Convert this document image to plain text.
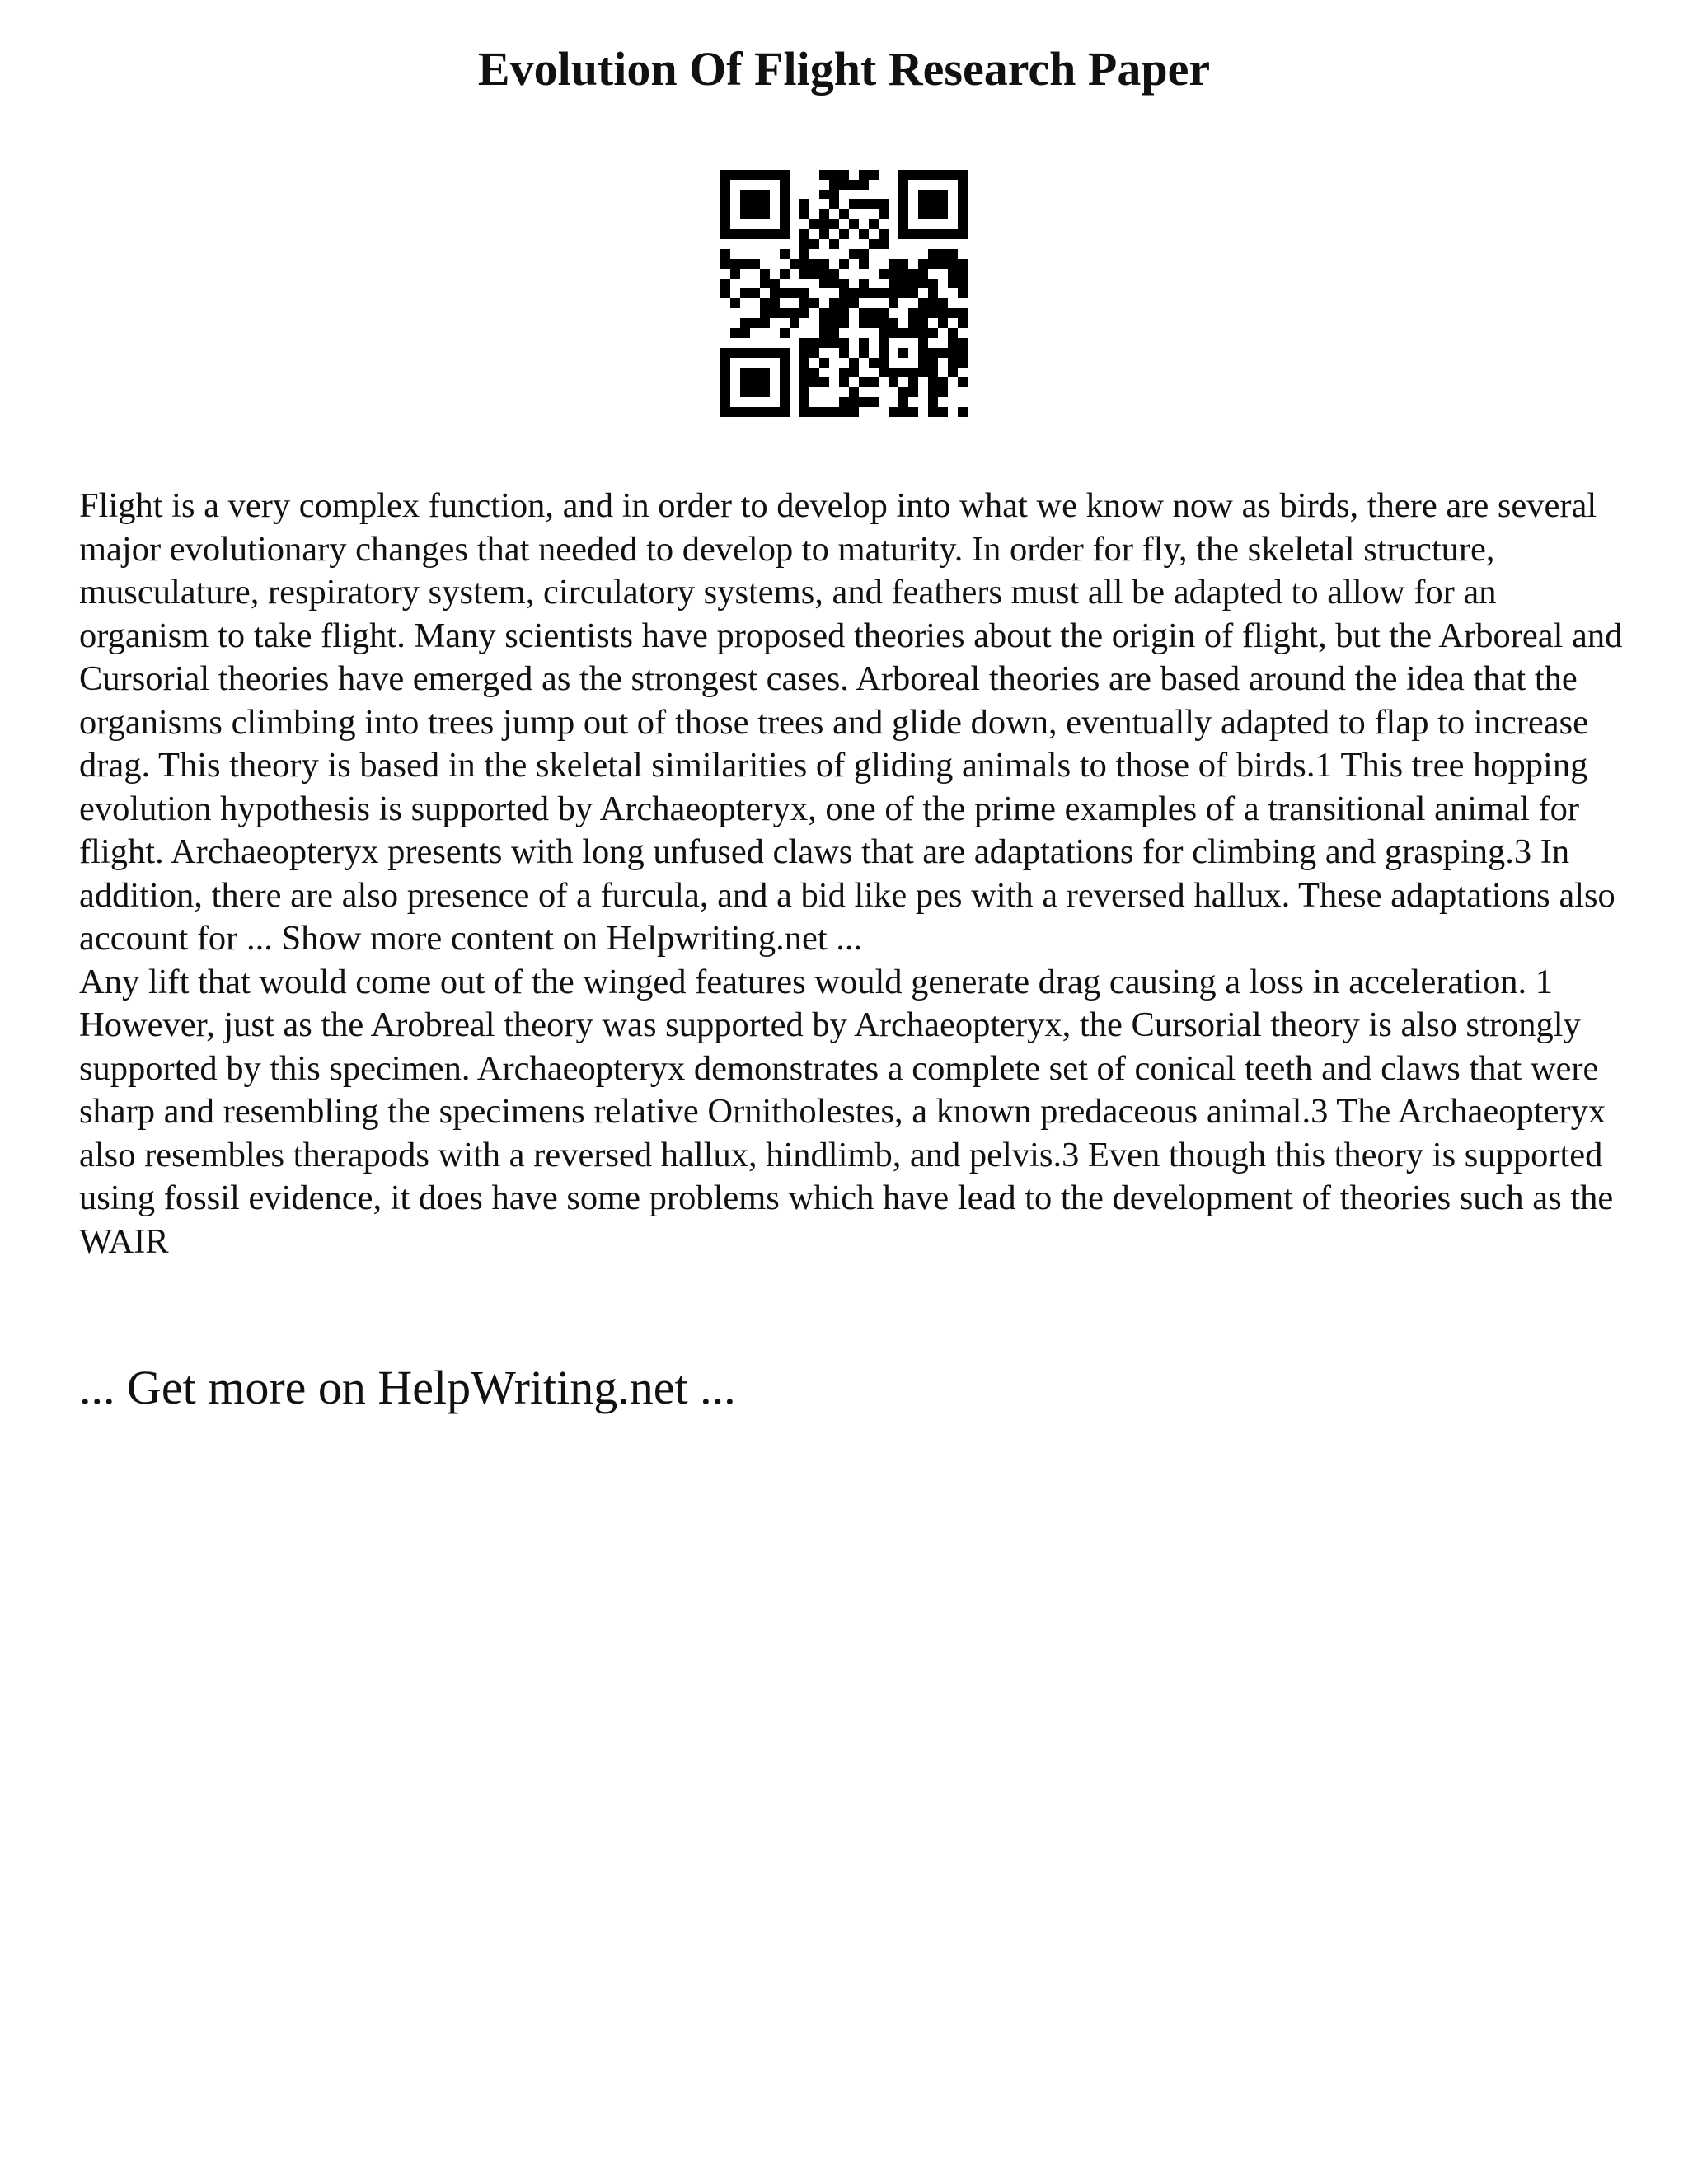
Evolution Of Flight Research Paper

Flight is a very complex function, and in order to develop into what we know now as birds, there are several major evolutionary changes that needed to develop to maturity. In order for fly, the skeletal structure, musculature, respiratory system, circulatory systems, and feathers must all be adapted to allow for an organism to take flight. Many scientists have proposed theories about the origin of flight, but the Arboreal and Cursorial theories have emerged as the strongest cases. Arboreal theories are based around the idea that the organisms climbing into trees jump out of those trees and glide down, eventually adapted to flap to increase drag. This theory is based in the skeletal similarities of gliding animals to those of birds.1 This tree hopping evolution hypothesis is supported by Archaeopteryx, one of the prime examples of a transitional animal for flight. Archaeopteryx presents with long unfused claws that are adaptations for climbing and grasping.3 In addition, there are also presence of a furcula, and a bid like pes with a reversed hallux. These adaptations also account for ... Show more content on Helpwriting.net ...

Any lift that would come out of the winged features would generate drag causing a loss in acceleration. 1 However, just as the Arobreal theory was supported by Archaeopteryx, the Cursorial theory is also strongly supported by this specimen. Archaeopteryx demonstrates a complete set of conical teeth and claws that were sharp and resembling the specimens relative Ornitholestes, a known predaceous animal.3 The Archaeopteryx also resembles therapods with a reversed hallux, hindlimb, and pelvis.3 Even though this theory is supported using fossil evidence, it does have some problems which have lead to the development of theories such as the WAIR

... Get more on HelpWriting.net ...
